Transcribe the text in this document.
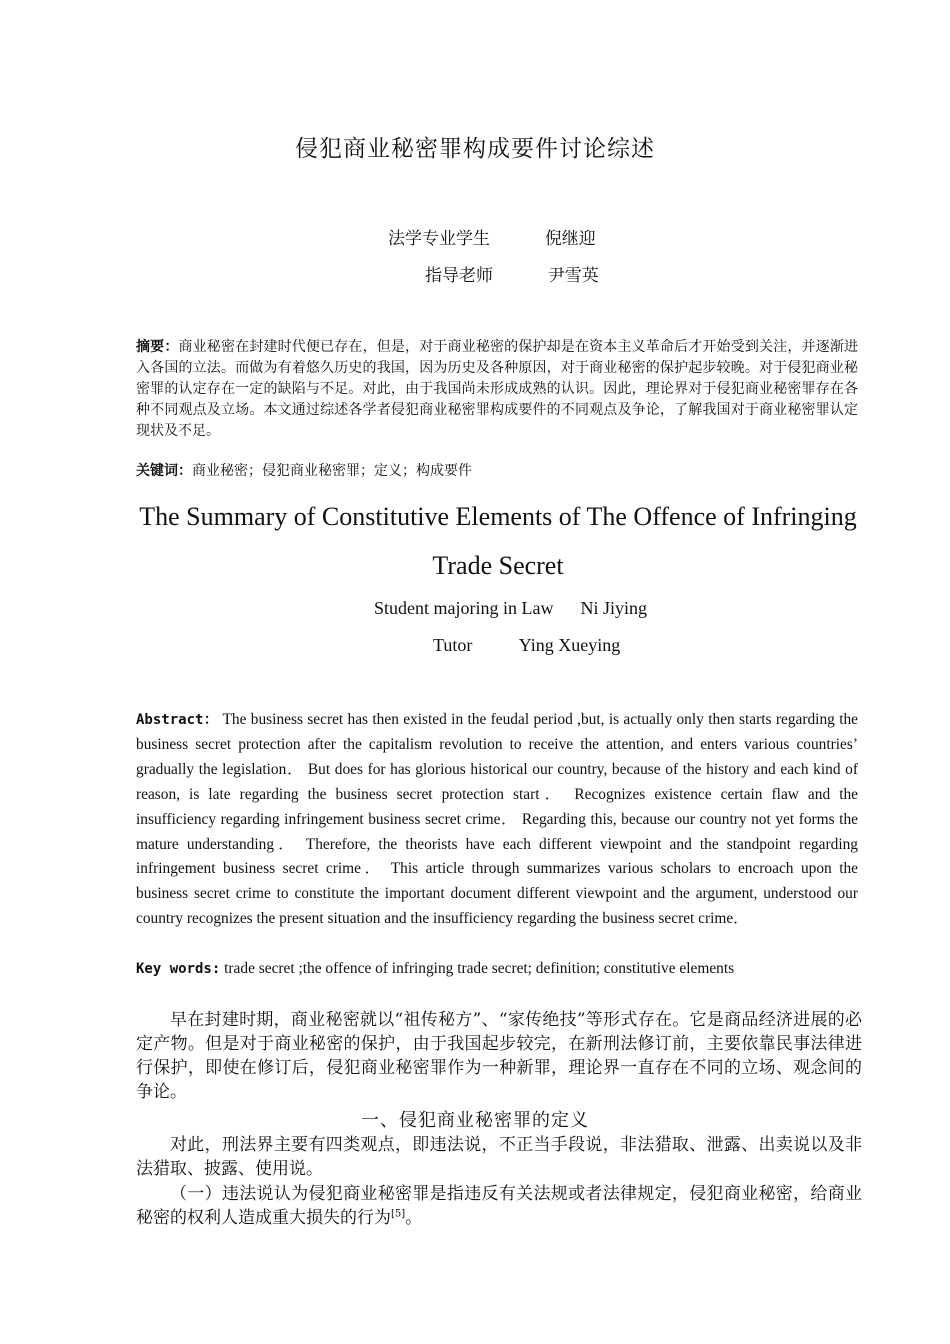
侵犯商业秘密罪构成要件讨论综述
法学专业学生	倪继迎
指导老师	尹雪英
摘要：商业秘密在封建时代便已存在，但是，对于商业秘密的保护却是在资本主义革命后才开始受到关注，并逐渐进入各国的立法。而做为有着悠久历史的我国，因为历史及各种原因，对于商业秘密的保护起步较晚。对于侵犯商业秘密罪的认定存在一定的缺陷与不足。对此，由于我国尚未形成成熟的认识。因此，理论界对于侵犯商业秘密罪存在各种不同观点及立场。本文通过综述各学者侵犯商业秘密罪构成要件的不同观点及争论，了解我国对于商业秘密罪认定现状及不足。
关键词：商业秘密；侵犯商业秘密罪；定义；构成要件
The Summary of Constitutive Elements of The Offence of Infringing Trade Secret
Student majoring in Law Ni Jiying
Tutor	Ying Xueying
Abstract： The business secret has then existed in the feudal period ,but, is actually only then starts regarding the business secret protection after the capitalism revolution to receive the attention, and enters various countries’ gradually the legislation． But does for has glorious historical our country, because of the history and each kind of reason, is late regarding the business secret protection start． Recognizes existence certain flaw and the insufficiency regarding infringement business secret crime． Regarding this, because our country not yet forms the mature understanding． Therefore, the theorists have each different viewpoint and the standpoint regarding infringement business secret crime． This article through summarizes various scholars to encroach upon the business secret crime to constitute the important document different viewpoint and the argument, understood our country recognizes the present situation and the insufficiency regarding the business secret crime．
Key words: trade secret ;the offence of infringing trade secret; definition; constitutive elements
早在封建时期，商业秘密就以“祖传秘方”、“家传绝技”等形式存在。它是商品经济进展的必定产物。但是对于商业秘密的保护，由于我国起步较完，在新刑法修订前，主要依靠民事法律进行保护，即使在修订后，侵犯商业秘密罪作为一种新罪，理论界一直存在不同的立场、观念间的争论。
一、侵犯商业秘密罪的定义
对此，刑法界主要有四类观点，即违法说，不正当手段说，非法猎取、泄露、出卖说以及非法猎取、披露、使用说。
（一）违法说认为侵犯商业秘密罪是指违反有关法规或者法律规定，侵犯商业秘密，给商业秘密的权利人造成重大损失的行为[5]。
